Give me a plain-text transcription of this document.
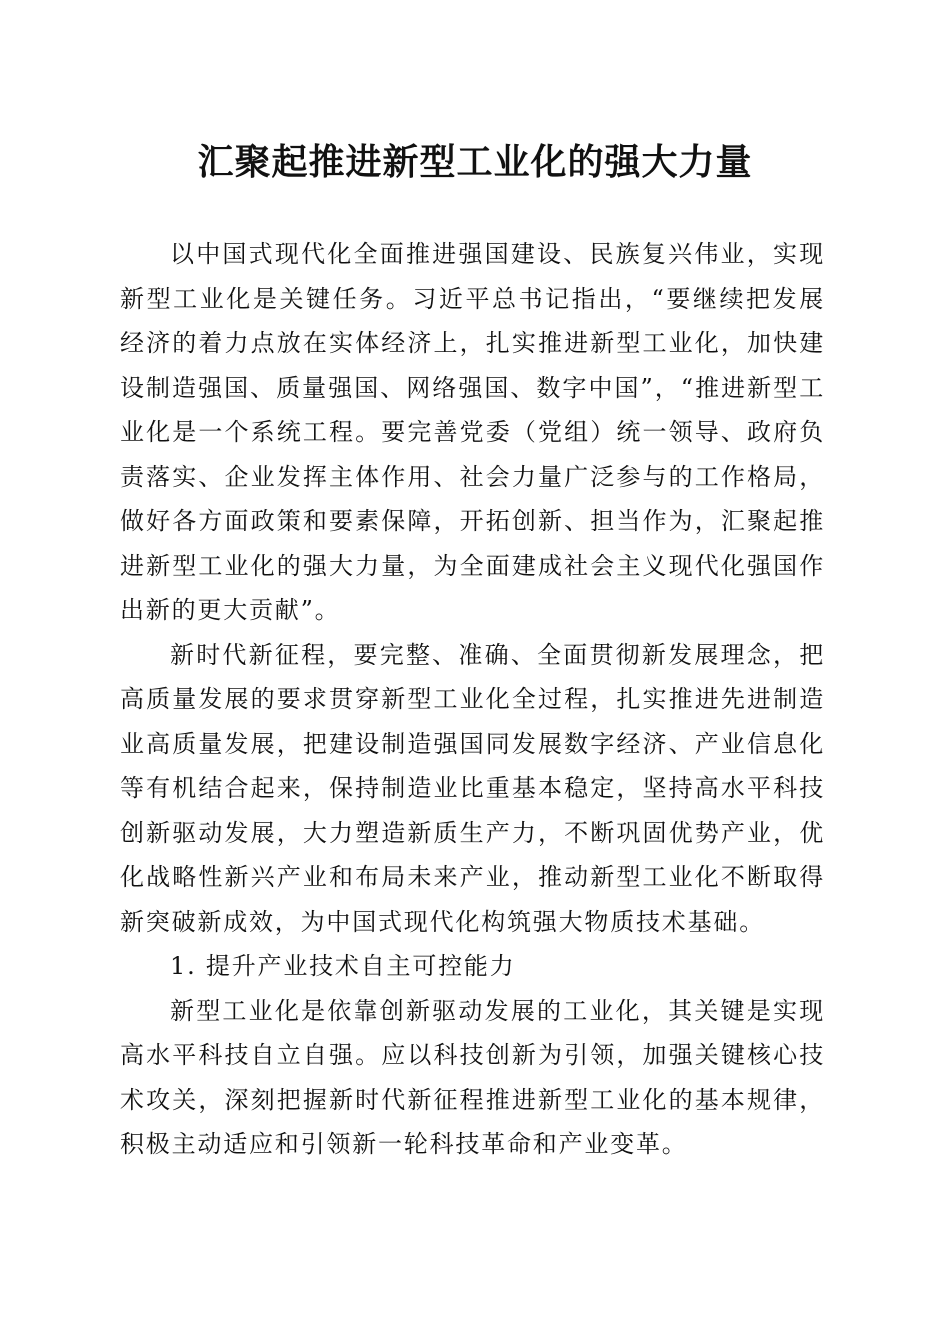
汇聚起推进新型工业化的强大力量

以中国式现代化全面推进强国建设、民族复兴伟业，实现新型工业化是关键任务。习近平总书记指出，“要继续把发展经济的着力点放在实体经济上，扎实推进新型工业化，加快建设制造强国、质量强国、网络强国、数字中国”，“推进新型工业化是一个系统工程。要完善党委（党组）统一领导、政府负责落实、企业发挥主体作用、社会力量广泛参与的工作格局，做好各方面政策和要素保障，开拓创新、担当作为，汇聚起推进新型工业化的强大力量，为全面建成社会主义现代化强国作出新的更大贡献”。

新时代新征程，要完整、准确、全面贯彻新发展理念，把高质量发展的要求贯穿新型工业化全过程，扎实推进先进制造业高质量发展，把建设制造强国同发展数字经济、产业信息化等有机结合起来，保持制造业比重基本稳定，坚持高水平科技创新驱动发展，大力塑造新质生产力，不断巩固优势产业，优化战略性新兴产业和布局未来产业，推动新型工业化不断取得新突破新成效，为中国式现代化构筑强大物质技术基础。

1. 提升产业技术自主可控能力

新型工业化是依靠创新驱动发展的工业化，其关键是实现高水平科技自立自强。应以科技创新为引领，加强关键核心技术攻关，深刻把握新时代新征程推进新型工业化的基本规律，积极主动适应和引领新一轮科技革命和产业变革。
